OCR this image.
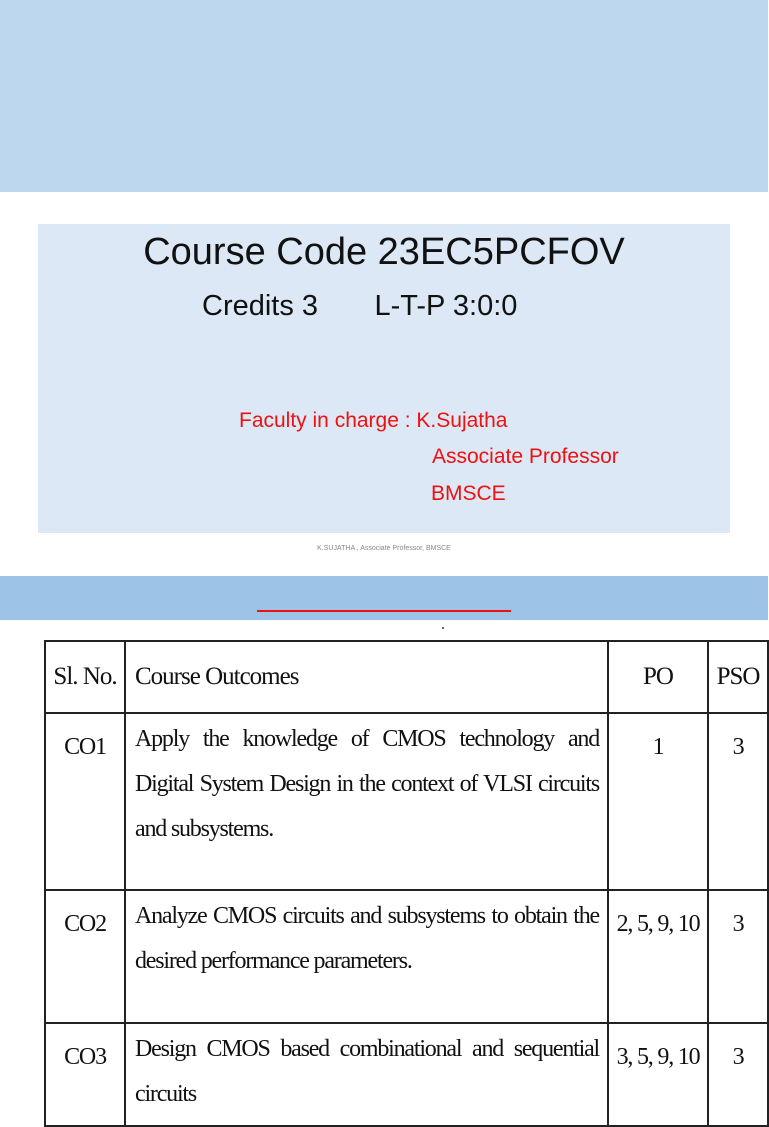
Course Code 23EC5PCFOV
Credits 3 L-T-P 3:0:0
Faculty in charge : K.Sujatha
Associate Professor
BMSCE
K.SUJATHA , Associate Professor, BMSCE
Sl. No.	Course Outcomes	PO	PSO
CO1	Apply the knowledge of CMOS technology and Digital System Design in the context of VLSI circuits and subsystems.	1	3
CO2	Analyze CMOS circuits and subsystems to obtain the desired performance parameters.	2, 5, 9, 10	3
CO3	Design CMOS based combinational and sequential circuits	3, 5, 9, 10	3
